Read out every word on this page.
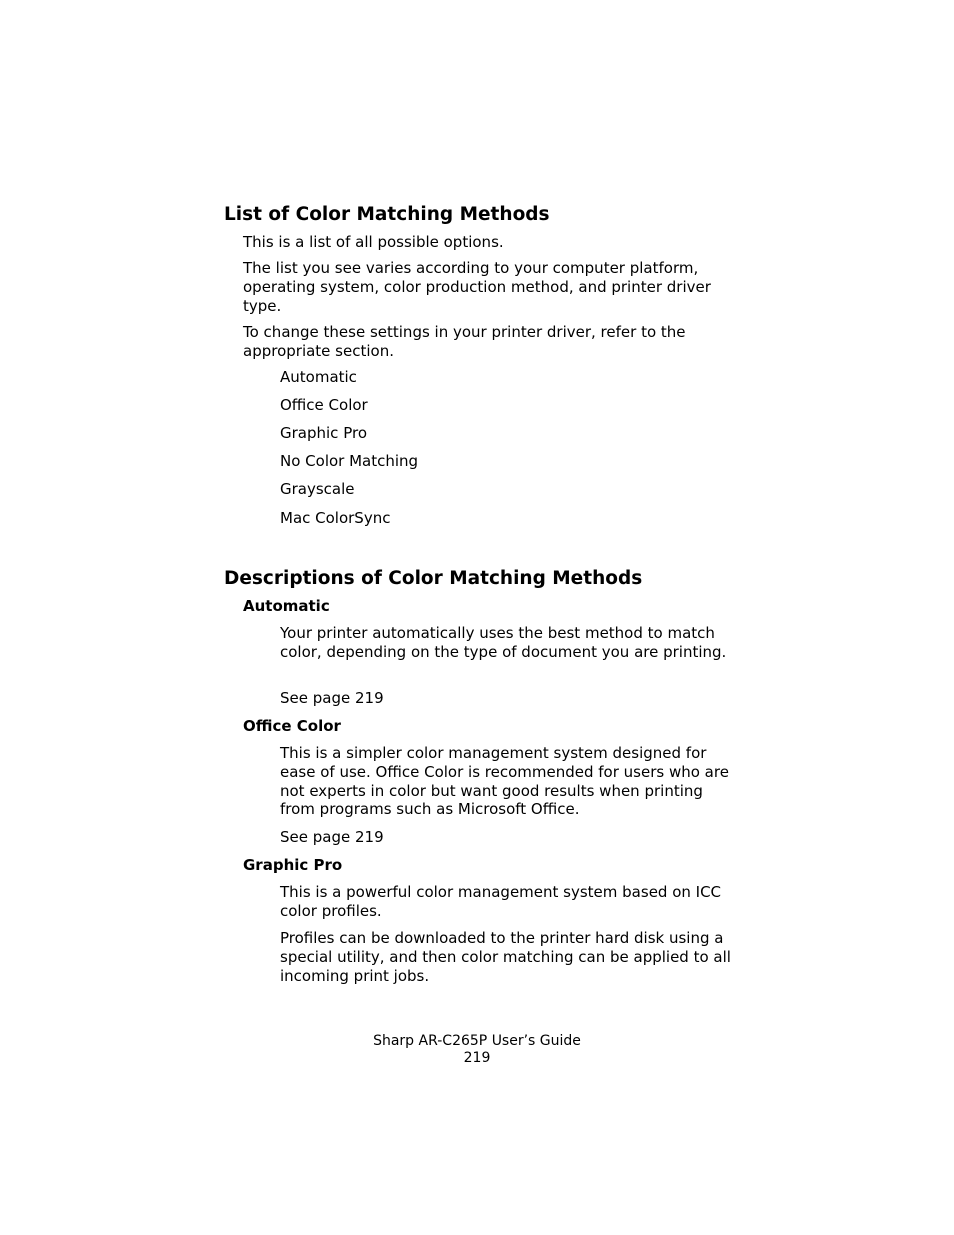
List of Color Matching Methods

This is a list of all possible options.

The list you see varies according to your computer platform, operating system, color production method, and printer driver type.

To change these settings in your printer driver, refer to the appropriate section.

Automatic
Office Color
Graphic Pro
No Color Matching
Grayscale
Mac ColorSync
Descriptions of Color Matching Methods
Automatic

Your printer automatically uses the best method to match color, depending on the type of document you are printing.

See page 219

Office Color

This is a simpler color management system designed for ease of use. Office Color is recommended for users who are not experts in color but want good results when printing from programs such as Microsoft Office.

See page 219

Graphic Pro

This is a powerful color management system based on ICC color profiles.

Profiles can be downloaded to the printer hard disk using a special utility, and then color matching can be applied to all incoming print jobs.

Sharp AR-C265P User’s Guide
219
